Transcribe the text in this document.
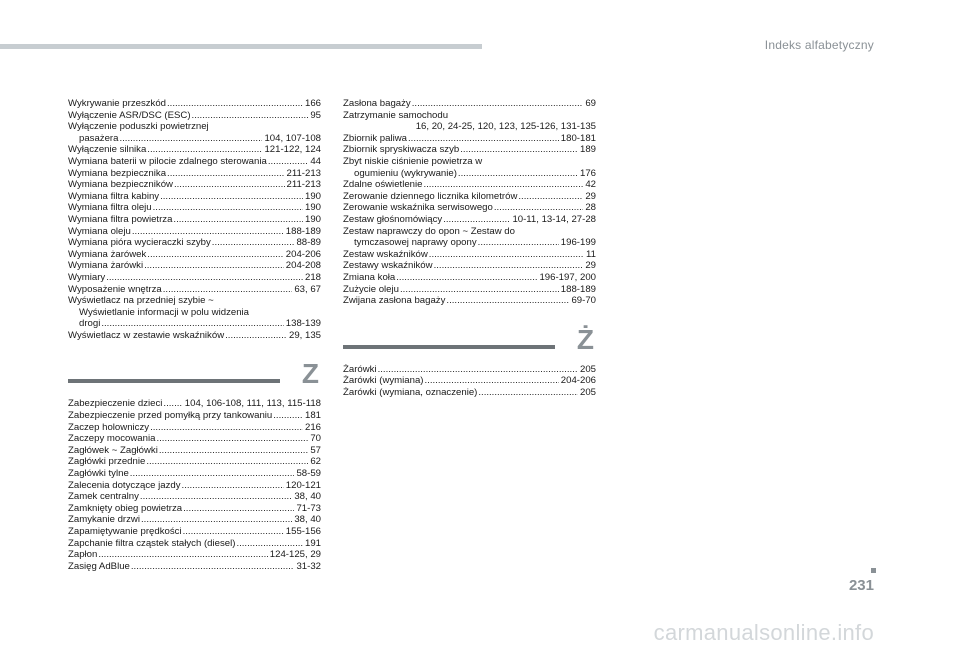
Indeks alfabetyczny
Wykrywanie przeszkód .....	166
Wyłączenie ASR/DSC (ESC) .....	95
Wyłączenie poduszki powietrznej
pasażera .....	104, 107-108
Wyłączenie silnika .....	121-122, 124
Wymiana baterii w pilocie zdalnego sterowania .....	44
Wymiana bezpiecznika .....	211-213
Wymiana bezpieczników .....	211-213
Wymiana filtra kabiny .....	190
Wymiana filtra oleju .....	190
Wymiana filtra powietrza .....	190
Wymiana oleju .....	188-189
Wymiana pióra wycieraczki szyby .....	88-89
Wymiana żarówek .....	204-206
Wymiana żarówki .....	204-208
Wymiary .....	218
Wyposażenie wnętrza .....	63, 67
Wyświetlacz na przedniej szybie ~
Wyświetlanie informacji w polu widzenia
drogi .....	138-139
Wyświetlacz w zestawie wskaźników .....	29, 135
Z
Zabezpieczenie dzieci ..... 104, 106-108, 111, 113, 115-118
Zabezpieczenie przed pomyłką przy tankowaniu .....	181
Zaczep holowniczy .....	216
Zaczepy mocowania .....	70
Zagłówek ~ Zagłówki .....	57
Zagłówki przednie .....	62
Zagłówki tylne .....	58-59
Zalecenia dotyczące jazdy .....	120-121
Zamek centralny .....	38, 40
Zamknięty obieg powietrza .....	71-73
Zamykanie drzwi .....	38, 40
Zapamiętywanie prędkości .....	155-156
Zapchanie filtra cząstek stałych (diesel) .....	191
Zapłon .....	124-125, 29
Zasięg AdBlue .....	31-32
Zasłona bagaży .....	69
Zatrzymanie samochodu
16, 20, 24-25, 120, 123, 125-126, 131-135
Zbiornik paliwa .....	180-181
Zbiornik spryskiwacza szyb .....	189
Zbyt niskie ciśnienie powietrza w
ogumieniu (wykrywanie) .....	176
Zdalne oświetlenie .....	42
Zerowanie dziennego licznika kilometrów .....	29
Zerowanie wskaźnika serwisowego .....	28
Zestaw głośnomówiący .....	10-11, 13-14, 27-28
Zestaw naprawczy do opon ~ Zestaw do
tymczasowej naprawy opony .....	196-199
Zestaw wskaźników .....	11
Zestawy wskaźników .....	29
Zmiana koła .....	196-197, 200
Zużycie oleju .....	188-189
Zwijana zasłona bagaży .....	69-70
Ż
Żarówki .....	205
Żarówki (wymiana) .....	204-206
Żarówki (wymiana, oznaczenie) .....	205
231
carmanualsonline.info
